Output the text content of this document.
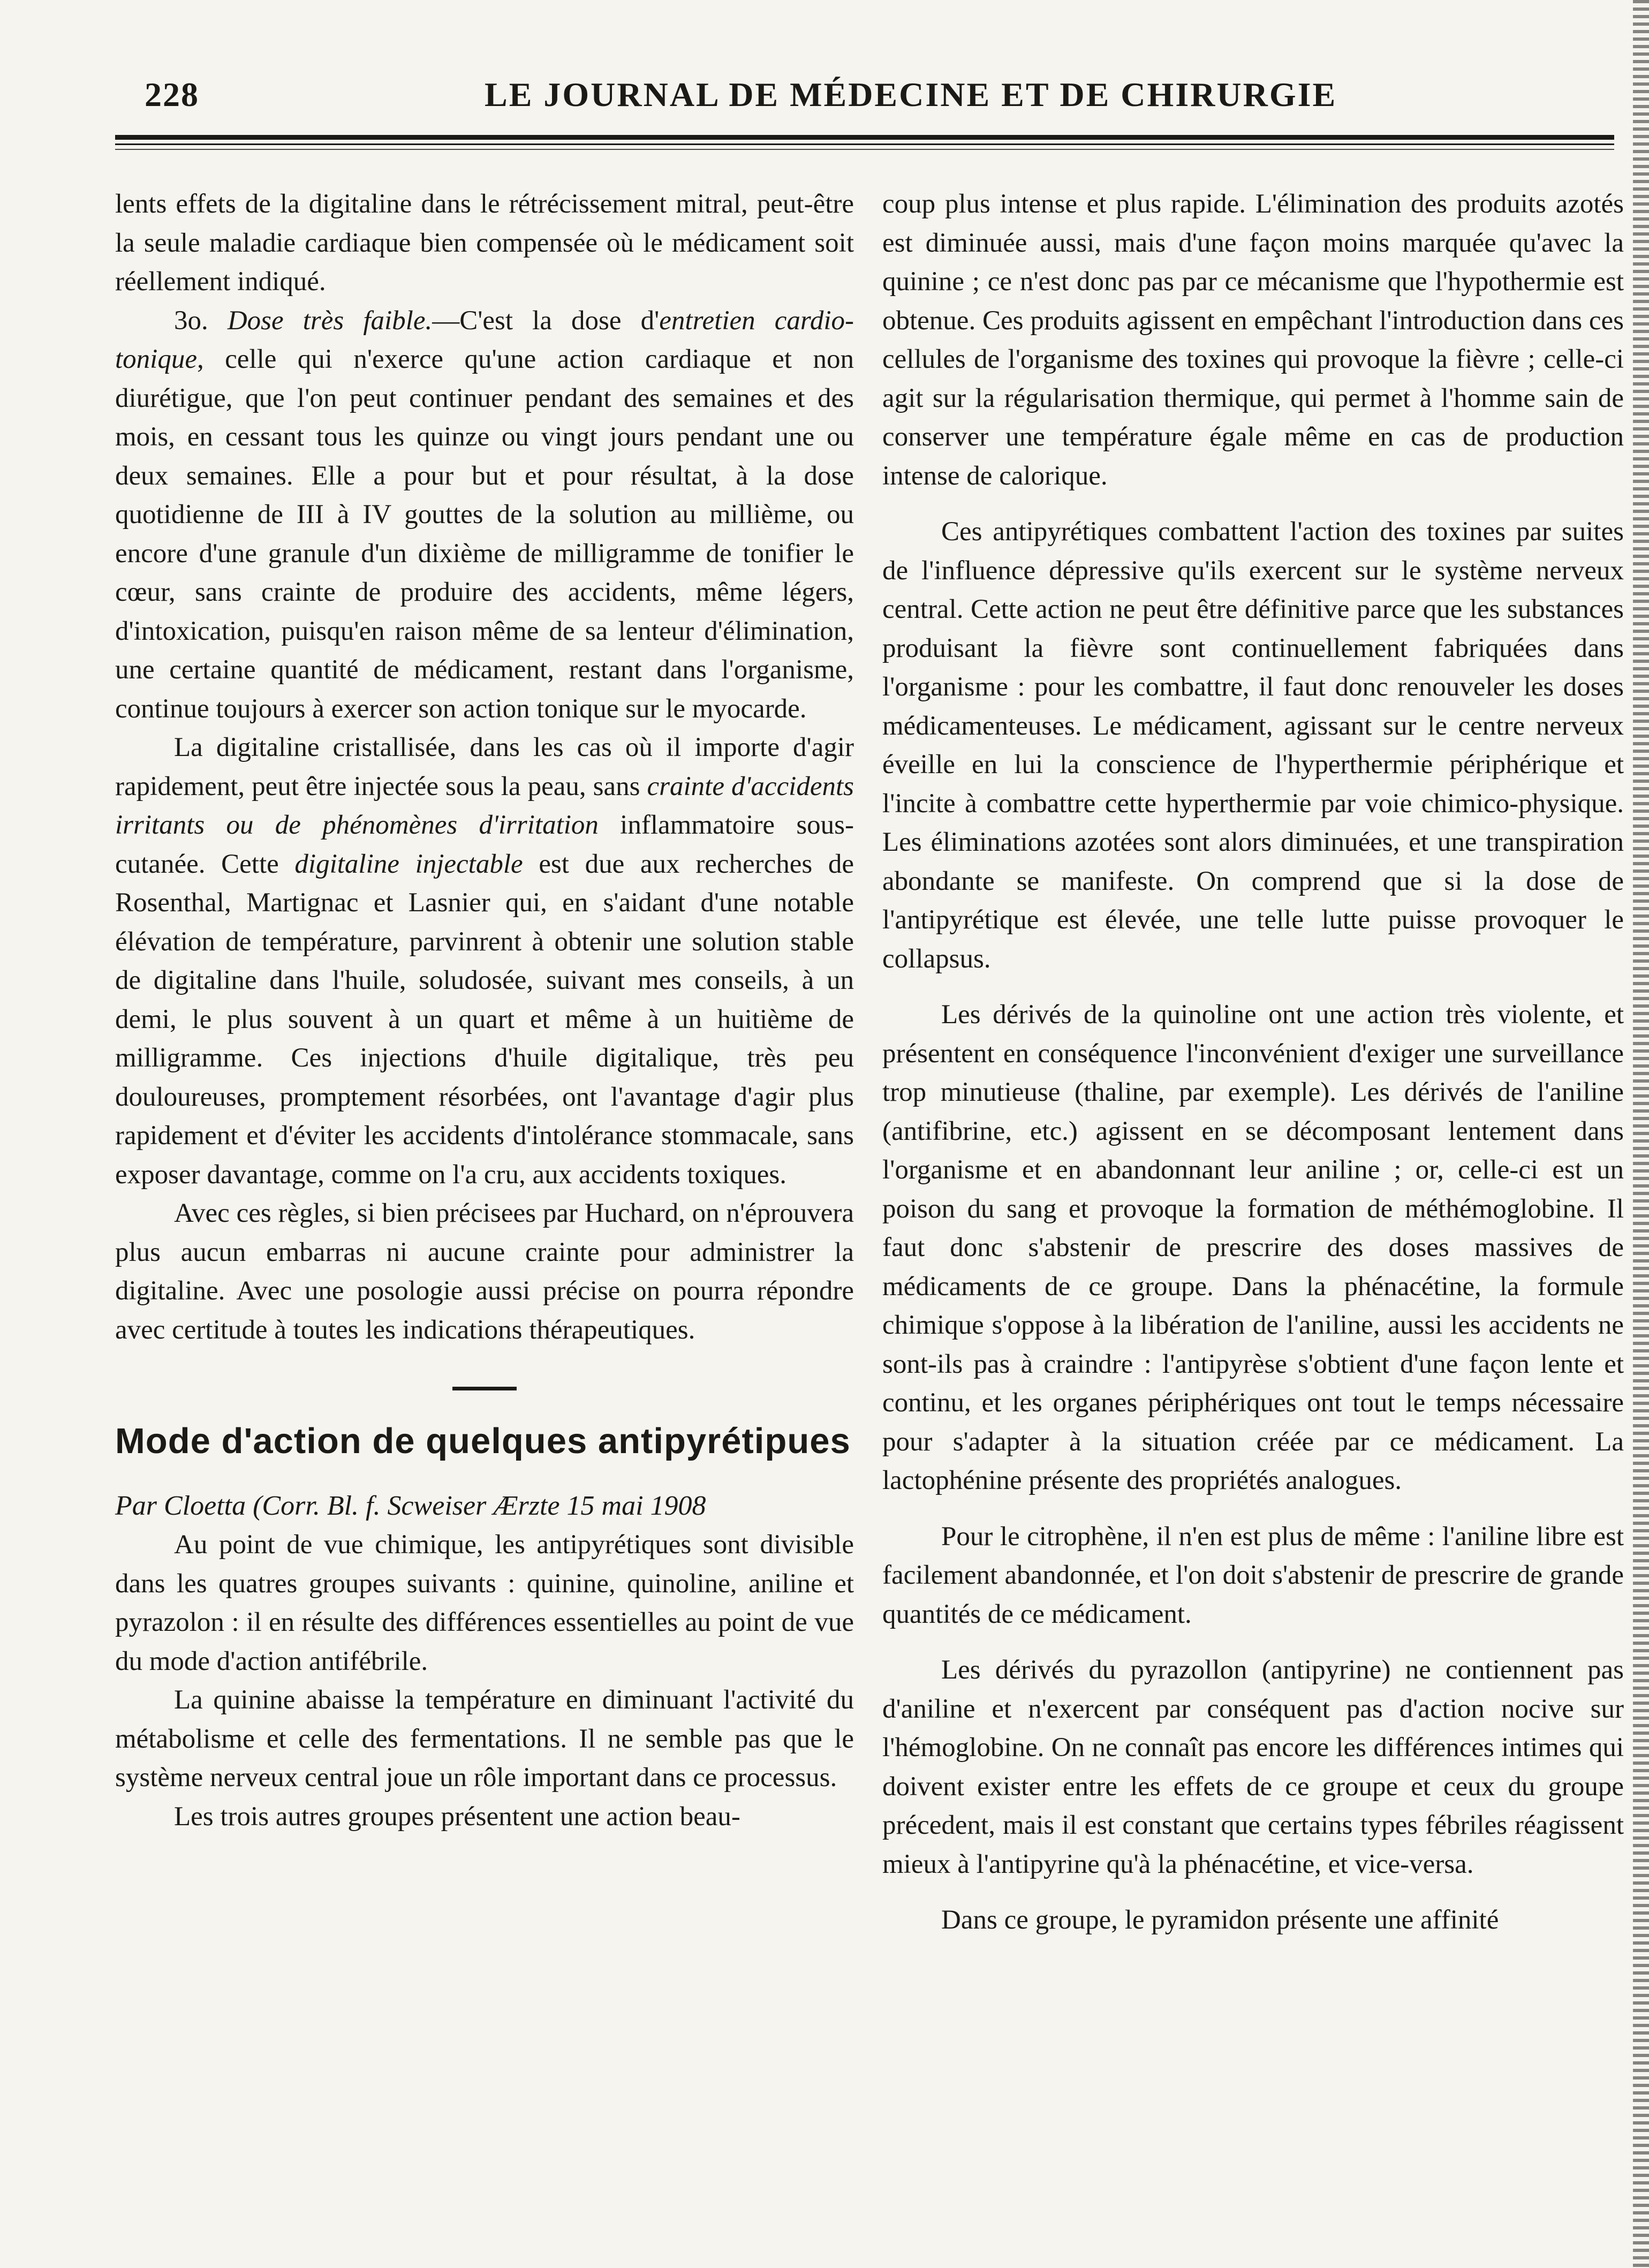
228	LE JOURNAL DE MÉDECINE ET DE CHIRURGIE

lents effets de la digitaline dans le rétrécissement mitral, peut-être la seule maladie cardiaque bien compensée où le médicament soit réellement indiqué.

3o. Dose très faible.—C'est la dose d'entretien cardio-tonique, celle qui n'exerce qu'une action cardiaque et non diurétigue, que l'on peut continuer pendant des semaines et des mois, en cessant tous les quinze ou vingt jours pendant une ou deux semaines. Elle a pour but et pour résultat, à la dose quotidienne de III à IV gouttes de la solution au millième, ou encore d'une granule d'un dixième de milligramme de tonifier le cœur, sans crainte de produire des accidents, même légers, d'intoxication, puisqu'en raison même de sa lenteur d'élimination, une certaine quantité de médicament, restant dans l'organisme, continue toujours à exercer son action tonique sur le myocarde.

La digitaline cristallisée, dans les cas où il importe d'agir rapidement, peut être injectée sous la peau, sans crainte d'accidents irritants ou de phénomènes d'irritation inflammatoire sous-cutanée. Cette digitaline injectable est due aux recherches de Rosenthal, Martignac et Lasnier qui, en s'aidant d'une notable élévation de température, parvinrent à obtenir une solution stable de digitaline dans l'huile, soludosée, suivant mes conseils, à un demi, le plus souvent à un quart et même à un huitième de milligramme. Ces injections d'huile digitalique, très peu douloureuses, promptement résorbées, ont l'avantage d'agir plus rapidement et d'éviter les accidents d'intolérance stommacale, sans exposer davantage, comme on l'a cru, aux accidents toxiques.

Avec ces règles, si bien précisees par Huchard, on n'éprouvera plus aucun embarras ni aucune crainte pour administrer la digitaline. Avec une posologie aussi précise on pourra répondre avec certitude à toutes les indications thérapeutiques.

Mode d'action de quelques antipyrétipues

Par Cloetta (Corr. Bl. f. Scweiser Ærzte 15 mai 1908

Au point de vue chimique, les antipyrétiques sont divisible dans les quatres groupes suivants : quinine, quinoline, aniline et pyrazolon : il en résulte des différences essentielles au point de vue du mode d'action antifébrile.

La quinine abaisse la température en diminuant l'activité du métabolisme et celle des fermentations. Il ne semble pas que le système nerveux central joue un rôle important dans ce processus.

Les trois autres groupes présentent une action beau-

coup plus intense et plus rapide. L'élimination des produits azotés est diminuée aussi, mais d'une façon moins marquée qu'avec la quinine ; ce n'est donc pas par ce mécanisme que l'hypothermie est obtenue. Ces produits agissent en empêchant l'introduction dans ces cellules de l'organisme des toxines qui provoque la fièvre ; celle-ci agit sur la régularisation thermique, qui permet à l'homme sain de conserver une température égale même en cas de production intense de calorique.

Ces antipyrétiques combattent l'action des toxines par suites de l'influence dépressive qu'ils exercent sur le système nerveux central. Cette action ne peut être définitive parce que les substances produisant la fièvre sont continuellement fabriquées dans l'organisme : pour les combattre, il faut donc renouveler les doses médicamenteuses. Le médicament, agissant sur le centre nerveux éveille en lui la conscience de l'hyperthermie périphérique et l'incite à combattre cette hyperthermie par voie chimico-physique. Les éliminations azotées sont alors diminuées, et une transpiration abondante se manifeste. On comprend que si la dose de l'antipyrétique est élevée, une telle lutte puisse provoquer le collapsus.

Les dérivés de la quinoline ont une action très violente, et présentent en conséquence l'inconvénient d'exiger une surveillance trop minutieuse (thaline, par exemple). Les dérivés de l'aniline (antifibrine, etc.) agissent en se décomposant lentement dans l'organisme et en abandonnant leur aniline ; or, celle-ci est un poison du sang et provoque la formation de méthémoglobine. Il faut donc s'abstenir de prescrire des doses massives de médicaments de ce groupe. Dans la phénacétine, la formule chimique s'oppose à la libération de l'aniline, aussi les accidents ne sont-ils pas à craindre : l'antipyrèse s'obtient d'une façon lente et continu, et les organes périphériques ont tout le temps nécessaire pour s'adapter à la situation créée par ce médicament. La lactophénine présente des propriétés analogues.

Pour le citrophène, il n'en est plus de même : l'aniline libre est facilement abandonnée, et l'on doit s'abstenir de prescrire de grande quantités de ce médicament.

Les dérivés du pyrazollon (antipyrine) ne contiennent pas d'aniline et n'exercent par conséquent pas d'action nocive sur l'hémoglobine. On ne connaît pas encore les différences intimes qui doivent exister entre les effets de ce groupe et ceux du groupe précedent, mais il est constant que certains types fébriles réagissent mieux à l'antipyrine qu'à la phénacétine, et vice-versa.

Dans ce groupe, le pyramidon présente une affinité
